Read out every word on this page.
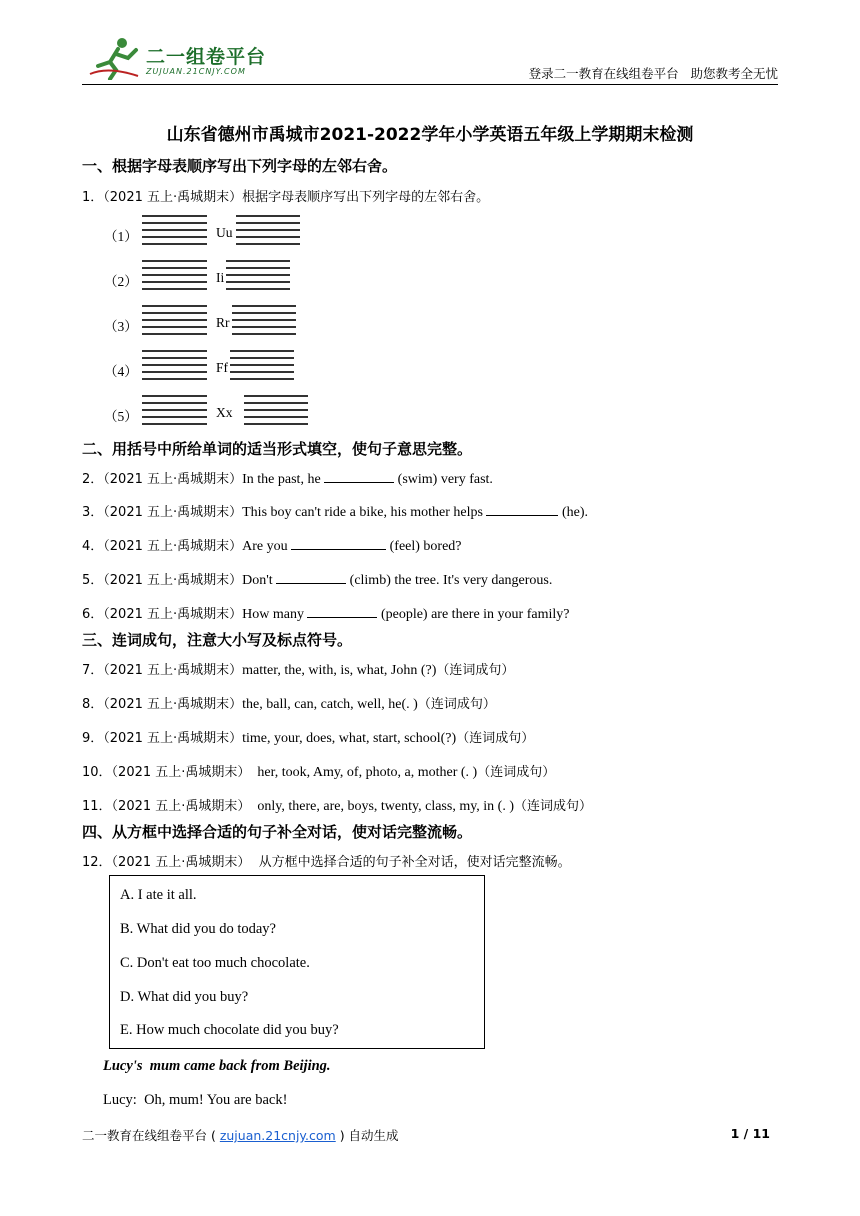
二一组卷平台
ZUJUAN.21CNJY.COM	登录二一教育在线组卷平台   助您教考全无忧
山东省德州市禹城市2021-2022学年小学英语五年级上学期期末检测
一、根据字母表顺序写出下列字母的左邻右舍。
1．（2021 五上·禹城期末）根据字母表顺序写出下列字母的左邻右舍。
（1）	Uu
（2）	Ii
（3）	Rr
（4）	Ff
（5）	Xx
二、用括号中所给单词的适当形式填空，使句子意思完整。
2．（2021 五上·禹城期末）In the past, he	(swim) very fast.
3．（2021 五上·禹城期末）This boy can't ride a bike, his mother helps	(he).
4．（2021 五上·禹城期末）Are you	(feel) bored?
5．（2021 五上·禹城期末）Don't	(climb) the tree. It's very dangerous.
6．（2021 五上·禹城期末）How many	(people) are there in your family?
三、连词成句，注意大小写及标点符号。
7．（2021 五上·禹城期末）matter, the, with, is, what, John (?)（连词成句）
8．（2021 五上·禹城期末）the, ball, can, catch, well, he(. )（连词成句）
9．（2021 五上·禹城期末）time, your, does, what, start, school(?)（连词成句）
10．（2021 五上·禹城期末）  her, took, Amy, of, photo, a, mother (. )（连词成句）
11．（2021 五上·禹城期末）  only, there, are, boys, twenty, class, my, in (. )（连词成句）
四、从方框中选择合适的句子补全对话，使对话完整流畅。
12．（2021 五上·禹城期末）  从方框中选择合适的句子补全对话，使对话完整流畅。

A. I ate it all.

B. What did you do today?

C. Don't eat too much chocolate.

D. What did you buy?

E. How much chocolate did you buy?

Lucy's  mum came back from Beijing.
Lucy:  Oh, mum! You are back!
二一教育在线组卷平台 ( zujuan.21cnjy.com ) 自动生成	1 / 11
